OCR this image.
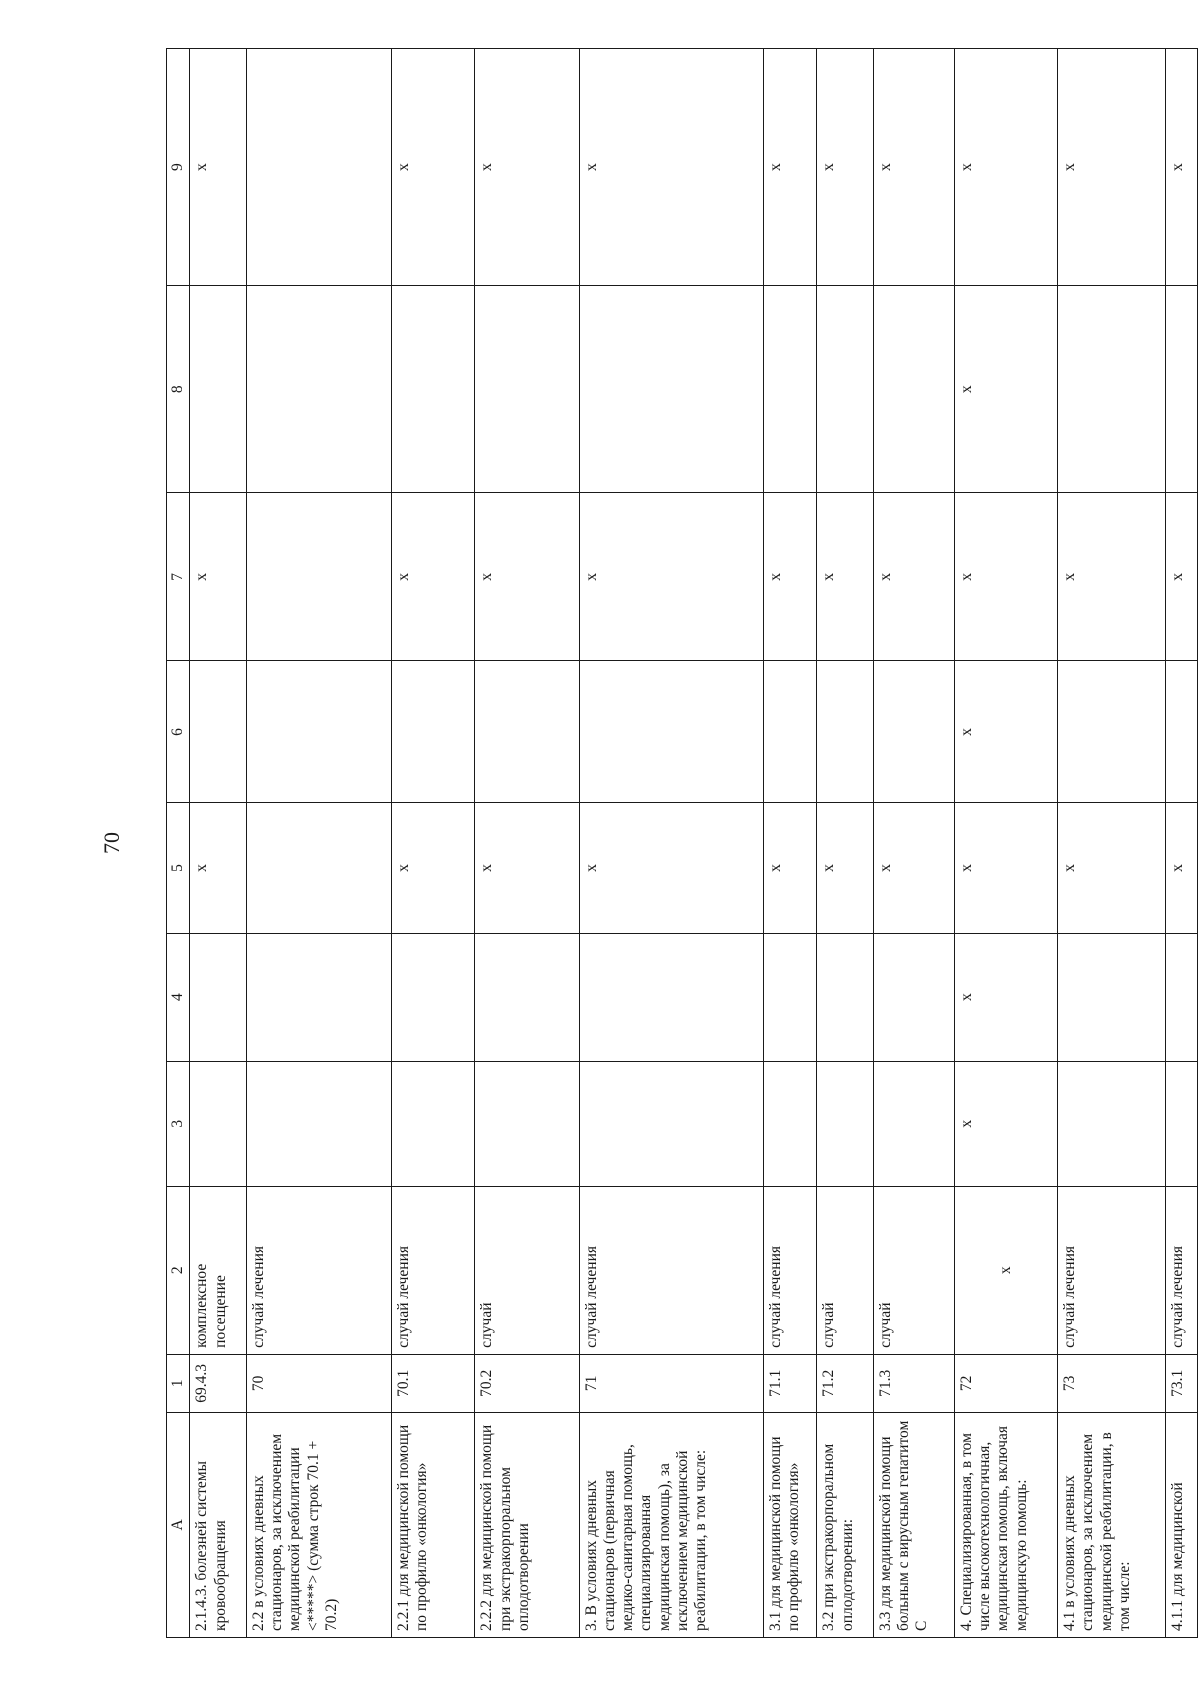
70
А	1	2	3	4	5	6	7	8	9
2.1.4.3. болезней системы кровообращения	69.4.3	комплексное посещение			х		х		х
2.2 в условиях дневных стационаров, за исключением медицинской реабилитации <*****> (сумма строк 70.1 + 70.2)	70	случай лечения							
2.2.1 для медицинской помощи по профилю «онкология»	70.1	случай лечения			х		х		х
2.2.2 для медицинской помощи при экстракорпоральном оплодотворении	70.2	случай			х		х		х
3. В условиях дневных стационаров (первичная медико-санитарная помощь, специализированная медицинская помощь), за исключением медицинской реабилитации, в том числе:	71	случай лечения			х		х		х
3.1 для медицинской помощи по профилю «онкология»	71.1	случай лечения			х		х		х
3.2 при экстракорпоральном оплодотворении:	71.2	случай			х		х		х
3.3 для медицинской помощи больным с вирусным гепатитом С	71.3	случай			х		х		х
4. Специализированная, в том числе высокотехнологичная, медицинская помощь, включая медицинскую помощь:	72	х	х	х	х	х	х	х	х
4.1 в условиях дневных стационаров, за исключением медицинской реабилитации, в том числе:	73	случай лечения			х		х		х
4.1.1 для медицинской	73.1	случай лечения			х		х		х
